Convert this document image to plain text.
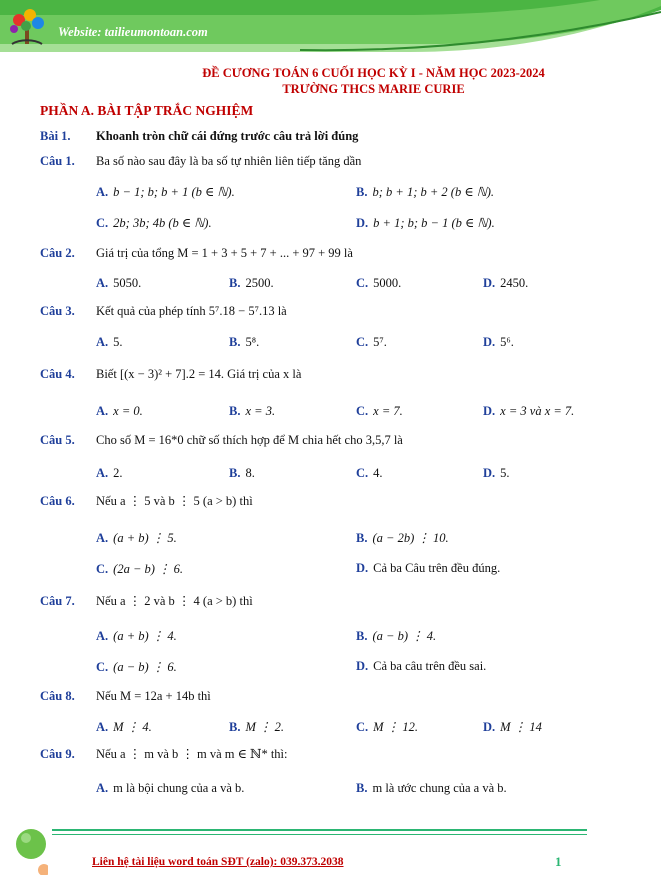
Website: tailieumontoan.com
ĐỀ CƯƠNG TOÁN 6 CUỐI HỌC KỲ I - NĂM HỌC 2023-2024
TRƯỜNG THCS MARIE CURIE
PHẦN A. BÀI TẬP TRẮC NGHIỆM
Bài 1. Khoanh tròn chữ cái đứng trước câu trả lời đúng
Câu 1. Ba số nào sau đây là ba số tự nhiên liên tiếp tăng dần
A. b − 1; b; b + 1 (b ∈ ℕ).	B. b; b + 1; b + 2 (b ∈ ℕ).
C. 2b; 3b; 4b (b ∈ ℕ).	D. b + 1; b; b − 1 (b ∈ ℕ).
Câu 2. Giá trị của tổng M = 1 + 3 + 5 + 7 + ... + 97 + 99 là
A. 5050.	B. 2500.	C. 5000.	D. 2450.
Câu 3. Kết quả của phép tính 5⁷.18 − 5⁷.13 là
A. 5.	B. 5⁸.	C. 5⁷.	D. 5⁶.
Câu 4. Biết [(x − 3)² + 7].2 = 14. Giá trị của x là
A. x = 0.	B. x = 3.	C. x = 7.	D. x = 3 và x = 7.
Câu 5. Cho số M = 16*0 chữ số thích hợp để M chia hết cho 3,5,7 là
A. 2.	B. 8.	C. 4.	D. 5.
Câu 6. Nếu a ⋮ 5 và b ⋮ 5 (a > b) thì
A. (a + b) ⋮ 5.	B. (a − 2b) ⋮ 10.
C. (2a − b) ⋮ 6.	D. Cả ba Câu trên đều đúng.
Câu 7. Nếu a ⋮ 2 và b ⋮ 4 (a > b) thì
A. (a + b) ⋮ 4.	B. (a − b) ⋮ 4.
C. (a − b) ⋮ 6.	D. Cả ba câu trên đều sai.
Câu 8. Nếu M = 12a + 14b thì
A. M ⋮ 4.	B. M ⋮ 2.	C. M ⋮ 12.	D. M ⋮ 14
Câu 9. Nếu a ⋮ m và b ⋮ m và m ∈ ℕ* thì:
A. m là bội chung của a và b.	B. m là ước chung của a và b.
Liên hệ tài liệu word toán SĐT (zalo): 039.373.2038	1
